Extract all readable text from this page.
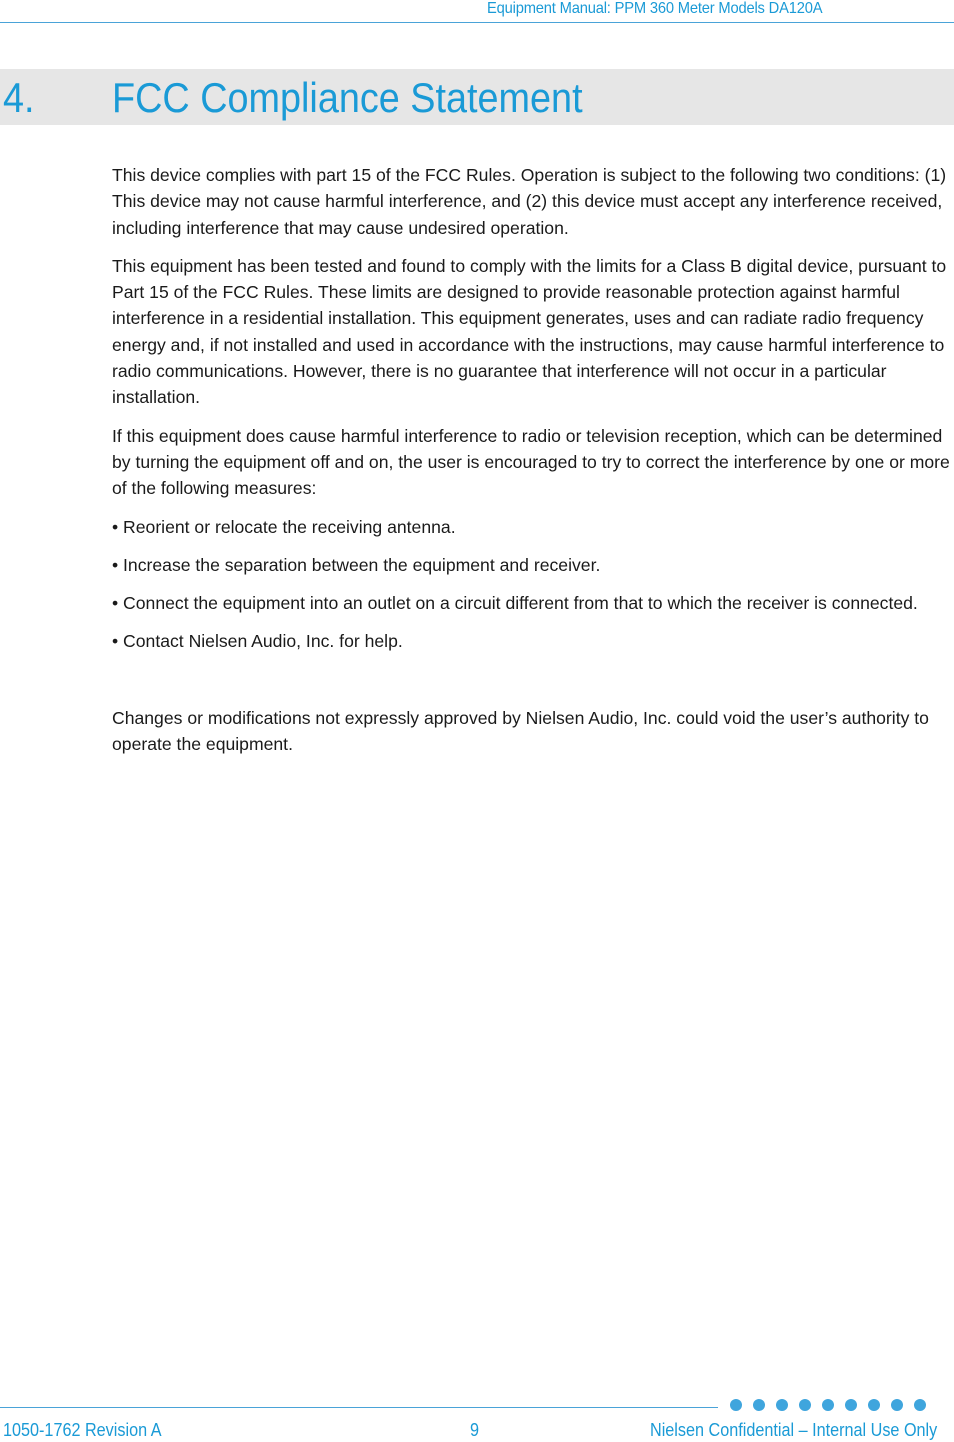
Equipment Manual: PPM 360 Meter Models DA120A
4. FCC Compliance Statement

This device complies with part 15 of the FCC Rules. Operation is subject to the following two conditions: (1) This device may not cause harmful interference, and (2) this device must accept any interference received, including interference that may cause undesired operation.

This equipment has been tested and found to comply with the limits for a Class B digital device, pursuant to Part 15 of the FCC Rules. These limits are designed to provide reasonable protection against harmful interference in a residential installation. This equipment generates, uses and can radiate radio frequency energy and, if not installed and used in accordance with the instructions, may cause harmful interference to radio communications. However, there is no guarantee that interference will not occur in a particular installation.

If this equipment does cause harmful interference to radio or television reception, which can be determined by turning the equipment off and on, the user is encouraged to try to correct the interference by one or more of the following measures:

• Reorient or relocate the receiving antenna.

• Increase the separation between the equipment and receiver.

• Connect the equipment into an outlet on a circuit different from that to which the receiver is connected.

• Contact Nielsen Audio, Inc. for help.

Changes or modifications not expressly approved by Nielsen Audio, Inc. could void the user’s authority to operate the equipment.

1050-1762 Revision A	9	Nielsen Confidential – Internal Use Only
